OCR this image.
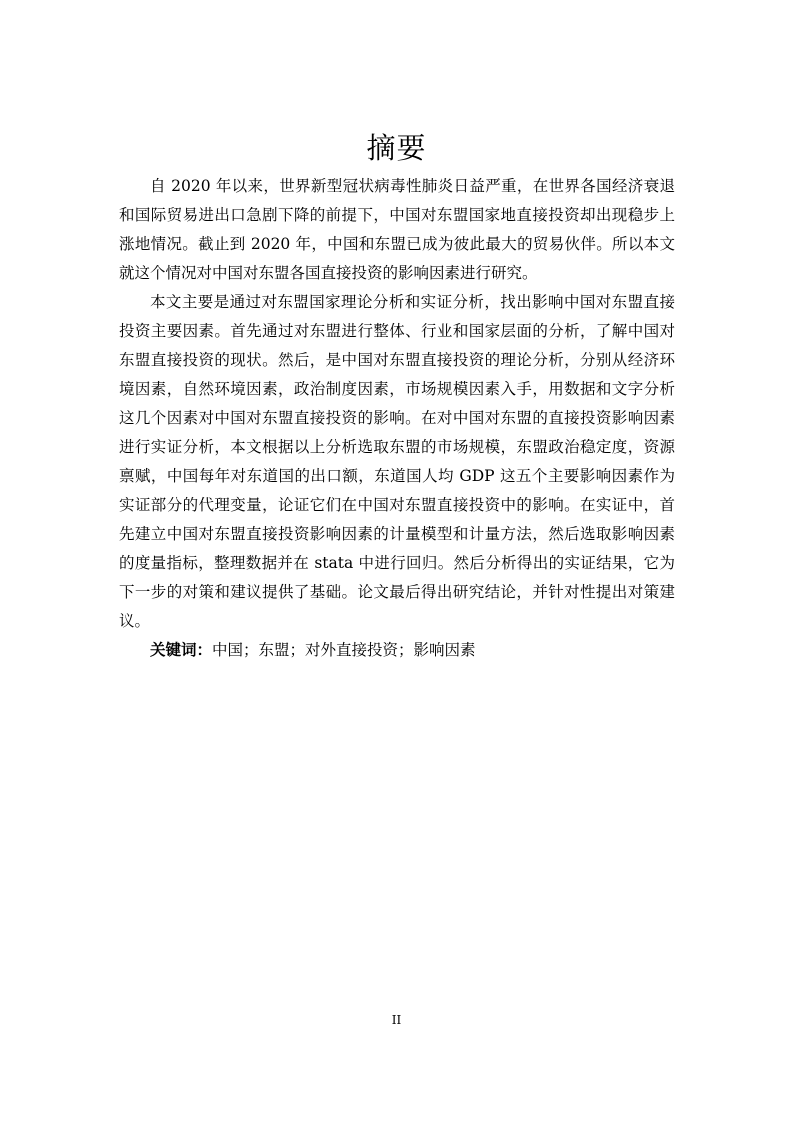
摘要

自 2020 年以来，世界新型冠状病毒性肺炎日益严重，在世界各国经济衰退和国际贸易进出口急剧下降的前提下，中国对东盟国家地直接投资却出现稳步上涨地情况。截止到 2020 年，中国和东盟已成为彼此最大的贸易伙伴。所以本文就这个情况对中国对东盟各国直接投资的影响因素进行研究。

本文主要是通过对东盟国家理论分析和实证分析，找出影响中国对东盟直接投资主要因素。首先通过对东盟进行整体、行业和国家层面的分析，了解中国对东盟直接投资的现状。然后，是中国对东盟直接投资的理论分析，分别从经济环境因素，自然环境因素，政治制度因素，市场规模因素入手，用数据和文字分析这几个因素对中国对东盟直接投资的影响。在对中国对东盟的直接投资影响因素进行实证分析，本文根据以上分析选取东盟的市场规模，东盟政治稳定度，资源禀赋，中国每年对东道国的出口额，东道国人均 GDP 这五个主要影响因素作为实证部分的代理变量，论证它们在中国对东盟直接投资中的影响。在实证中，首先建立中国对东盟直接投资影响因素的计量模型和计量方法，然后选取影响因素的度量指标，整理数据并在 stata 中进行回归。然后分析得出的实证结果，它为下一步的对策和建议提供了基础。论文最后得出研究结论，并针对性提出对策建议。

关键词：中国；东盟；对外直接投资；影响因素

II
